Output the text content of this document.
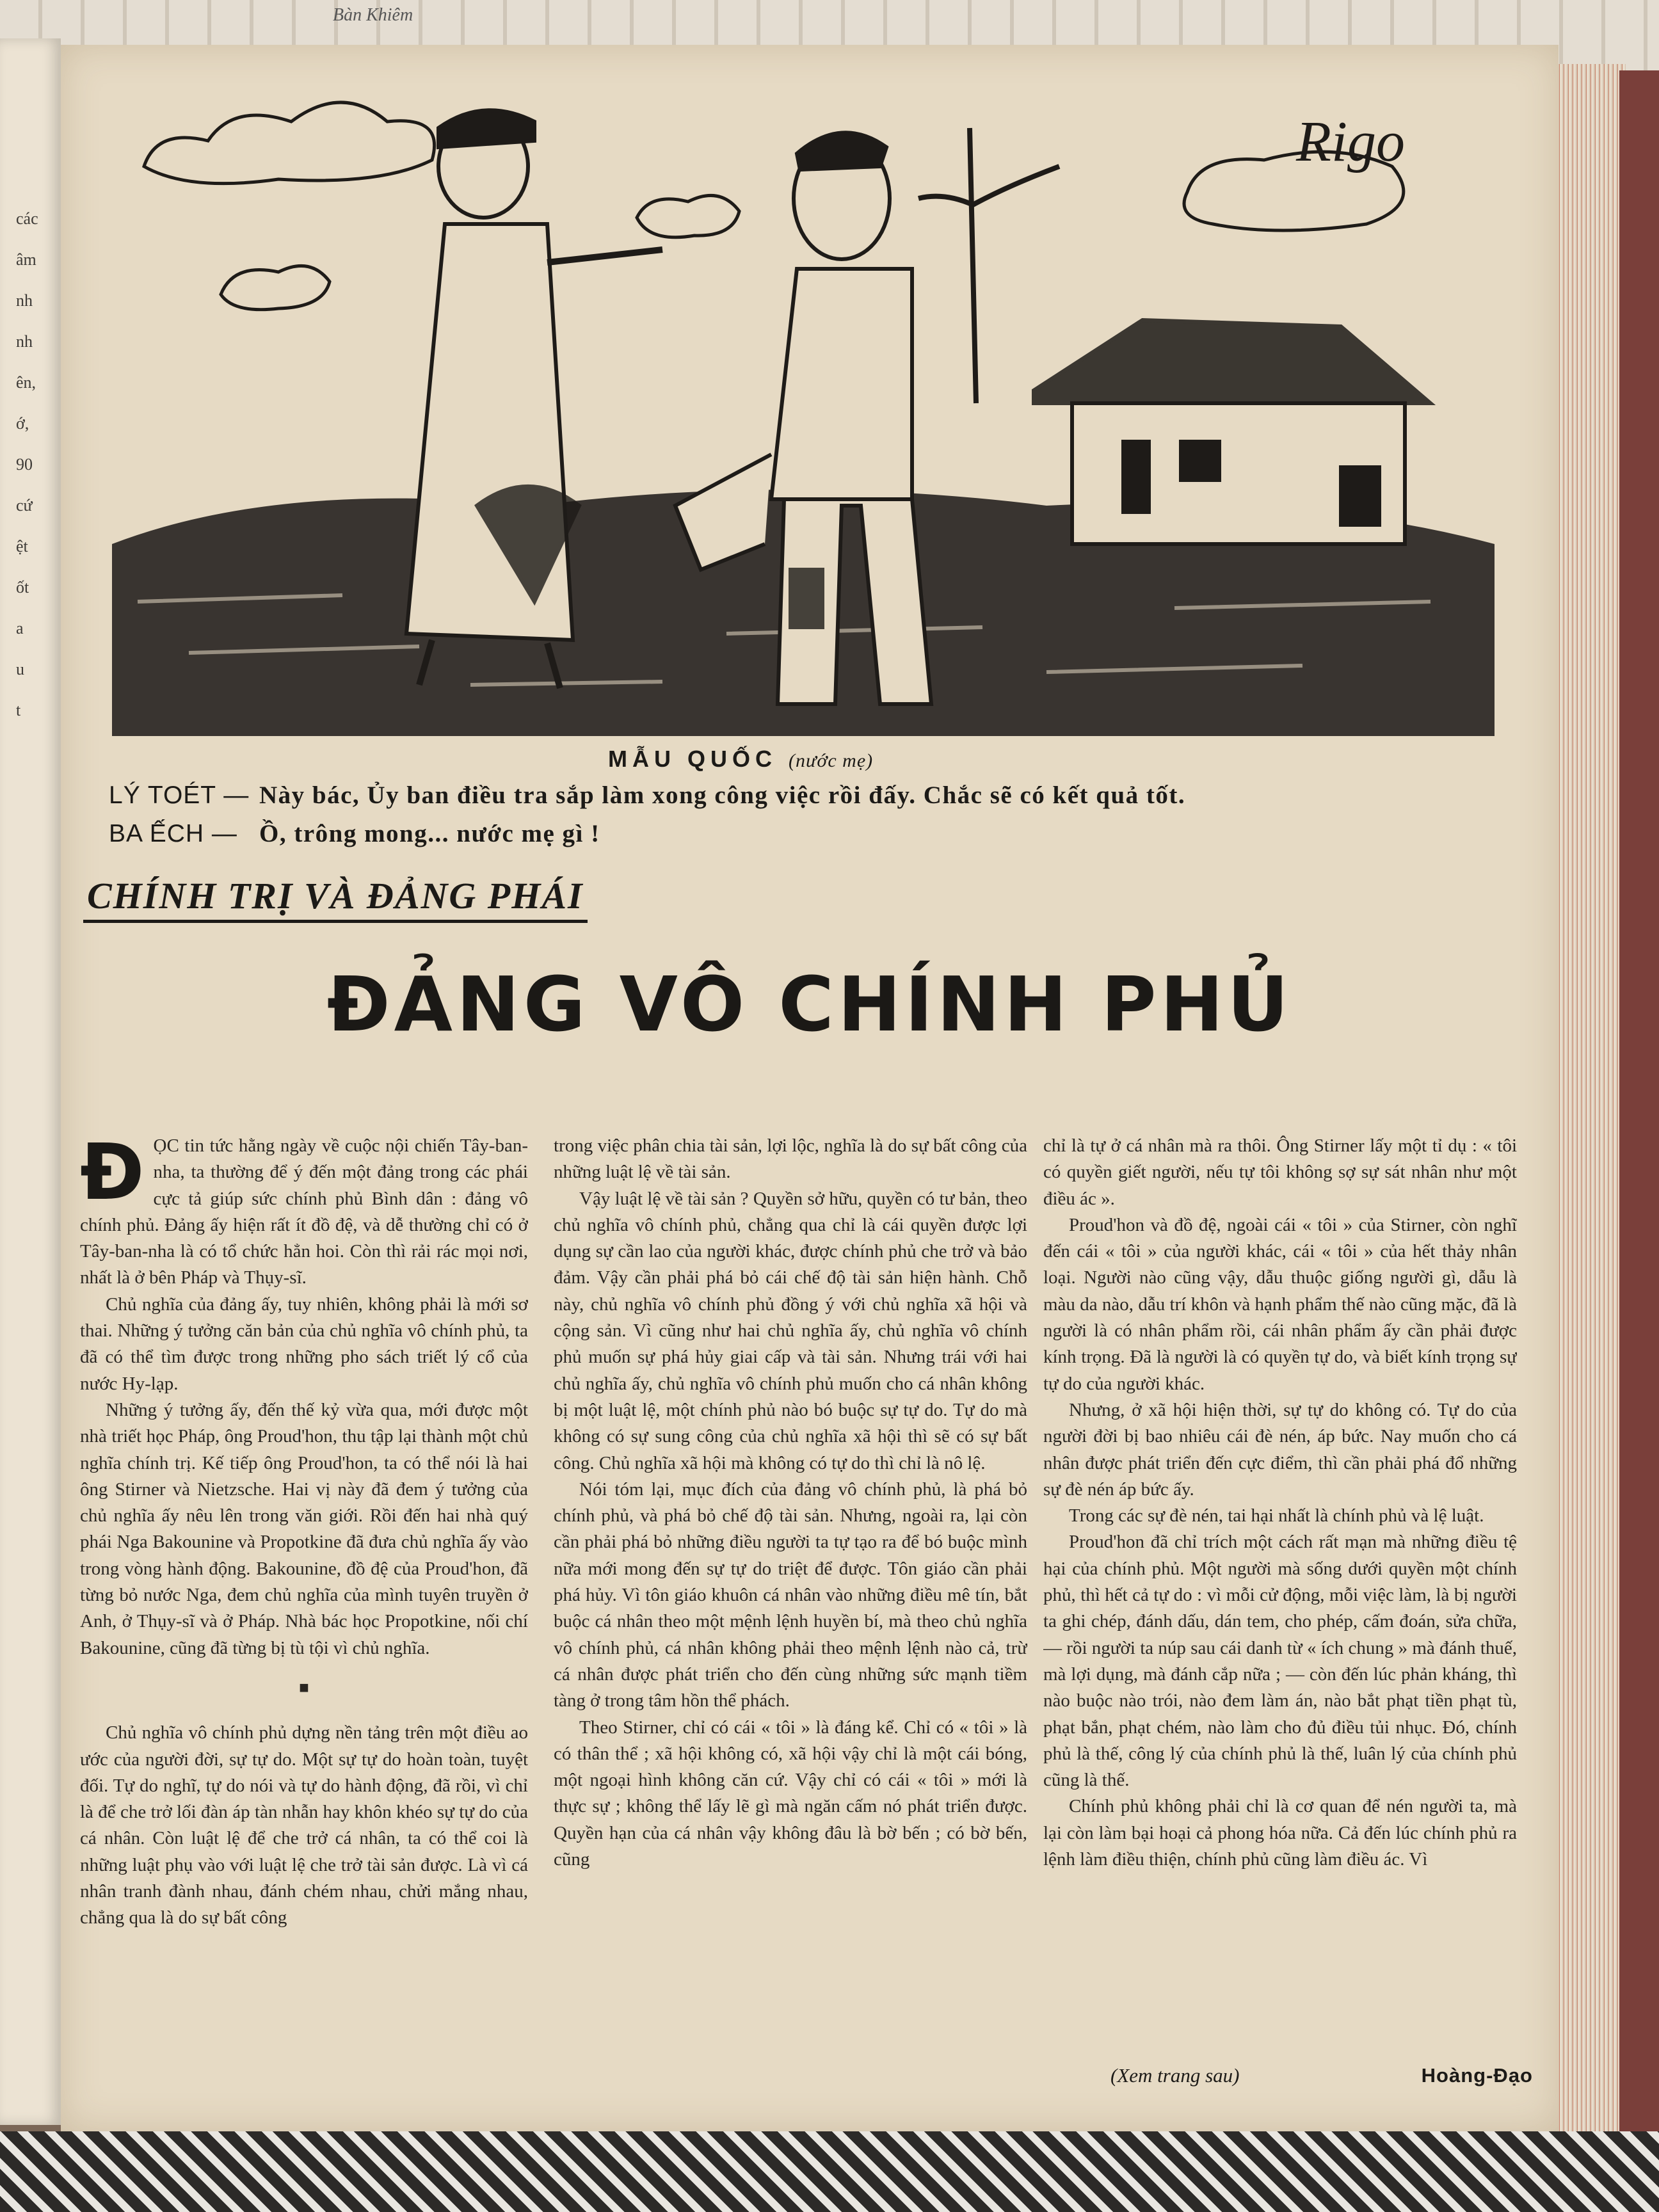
Bàn Khiêm
các
âm
nh
nh
ên,
ớ,
90
cứ
ệt
ốt
a
u
t
Rigo
MẪU QUỐC (nước mẹ)
LÝ TOÉT — Này bác, Ủy ban điều tra sắp làm xong công việc rồi đấy. Chắc sẽ có kết quả tốt.
BA ẾCH — Ồ, trông mong... nước mẹ gì !
CHÍNH TRỊ VÀ ĐẢNG PHÁI
ĐẢNG VÔ CHÍNH PHỦ
Đ ỌC tin tức hằng ngày về cuộc nội chiến Tây-ban-nha, ta thường để ý đến một đảng trong các phái cực tả giúp sức chính phủ Bình dân : đảng vô chính phủ. Đảng ấy hiện rất ít đồ đệ, và dễ thường chỉ có ở Tây-ban-nha là có tổ chức hẳn hoi. Còn thì rải rác mọi nơi, nhất là ở bên Pháp và Thụy-sĩ.

Chủ nghĩa của đảng ấy, tuy nhiên, không phải là mới sơ thai. Những ý tưởng căn bản của chủ nghĩa vô chính phủ, ta đã có thể tìm được trong những pho sách triết lý cổ của nước Hy-lạp.

Những ý tưởng ấy, đến thế kỷ vừa qua, mới được một nhà triết học Pháp, ông Proud'hon, thu tập lại thành một chủ nghĩa chính trị. Kế tiếp ông Proud'hon, ta có thể nói là hai ông Stirner và Nietzsche. Hai vị này đã đem ý tưởng của chủ nghĩa ấy nêu lên trong văn giới. Rồi đến hai nhà quý phái Nga Bakounine và Propotkine đã đưa chủ nghĩa ấy vào trong vòng hành động. Bakounine, đồ đệ của Proud'hon, đã từng bỏ nước Nga, đem chủ nghĩa của mình tuyên truyền ở Anh, ở Thụy-sĩ và ở Pháp. Nhà bác học Propotkine, nối chí Bakounine, cũng đã từng bị tù tội vì chủ nghĩa.

■

Chủ nghĩa vô chính phủ dựng nền tảng trên một điều ao ước của người đời, sự tự do. Một sự tự do hoàn toàn, tuyệt đối. Tự do nghĩ, tự do nói và tự do hành động, đã rồi, vì chỉ là để che trở lối đàn áp tàn nhẫn hay khôn khéo sự tự do của cá nhân. Còn luật lệ để che trở cá nhân, ta có thể coi là những luật phụ vào với luật lệ che trở tài sản được. Là vì cá nhân tranh đành nhau, đánh chém nhau, chửi mắng nhau, chẳng qua là do sự bất công

trong việc phân chia tài sản, lợi lộc, nghĩa là do sự bất công của những luật lệ về tài sản.

Vậy luật lệ về tài sản ? Quyền sở hữu, quyền có tư bản, theo chủ nghĩa vô chính phủ, chẳng qua chỉ là cái quyền được lợi dụng sự cần lao của người khác, được chính phủ che trở và bảo đảm. Vậy cần phải phá bỏ cái chế độ tài sản hiện hành. Chỗ này, chủ nghĩa vô chính phủ đồng ý với chủ nghĩa xã hội và cộng sản. Vì cũng như hai chủ nghĩa ấy, chủ nghĩa vô chính phủ muốn sự phá hủy giai cấp và tài sản. Nhưng trái với hai chủ nghĩa ấy, chủ nghĩa vô chính phủ muốn cho cá nhân không bị một luật lệ, một chính phủ nào bó buộc sự tự do. Tự do mà không có sự sung công của chủ nghĩa xã hội thì sẽ có sự bất công. Chủ nghĩa xã hội mà không có tự do thì chỉ là nô lệ.

Nói tóm lại, mục đích của đảng vô chính phủ, là phá bỏ chính phủ, và phá bỏ chế độ tài sản. Nhưng, ngoài ra, lại còn cần phải phá bỏ những điều người ta tự tạo ra để bó buộc mình nữa mới mong đến sự tự do triệt để được. Tôn giáo cần phải phá hủy. Vì tôn giáo khuôn cá nhân vào những điều mê tín, bắt buộc cá nhân theo một mệnh lệnh huyền bí, mà theo chủ nghĩa vô chính phủ, cá nhân không phải theo mệnh lệnh nào cả, trừ cá nhân được phát triển cho đến cùng những sức mạnh tiềm tàng ở trong tâm hồn thể phách.

Theo Stirner, chỉ có cái « tôi » là đáng kể. Chỉ có « tôi » là có thân thể ; xã hội không có, xã hội vậy chỉ là một cái bóng, một ngoại hình không căn cứ. Vậy chỉ có cái « tôi » mới là thực sự ; không thể lấy lẽ gì mà ngăn cấm nó phát triển được. Quyền hạn của cá nhân vậy không đâu là bờ bến ; có bờ bến, cũng

chỉ là tự ở cá nhân mà ra thôi. Ông Stirner lấy một tỉ dụ : « tôi có quyền giết người, nếu tự tôi không sợ sự sát nhân như một điều ác ».

Proud'hon và đồ đệ, ngoài cái « tôi » của Stirner, còn nghĩ đến cái « tôi » của người khác, cái « tôi » của hết thảy nhân loại. Người nào cũng vậy, dẫu thuộc giống người gì, dẫu là màu da nào, dẫu trí khôn và hạnh phẩm thế nào cũng mặc, đã là người là có nhân phẩm rồi, cái nhân phẩm ấy cần phải được kính trọng. Đã là người là có quyền tự do, và biết kính trọng sự tự do của người khác.

Nhưng, ở xã hội hiện thời, sự tự do không có. Tự do của người đời bị bao nhiêu cái đè nén, áp bức. Nay muốn cho cá nhân được phát triển đến cực điểm, thì cần phải phá đổ những sự đè nén áp bức ấy.

Trong các sự đè nén, tai hại nhất là chính phủ và lệ luật.

Proud'hon đã chỉ trích một cách rất mạn mà những điều tệ hại của chính phủ. Một người mà sống dưới quyền một chính phủ, thì hết cả tự do : vì mỗi cử động, mỗi việc làm, là bị người ta ghi chép, đánh dấu, dán tem, cho phép, cấm đoán, sửa chữa, — rồi người ta núp sau cái danh từ « ích chung » mà đánh thuế, mà lợi dụng, mà đánh cắp nữa ; — còn đến lúc phản kháng, thì nào buộc nào trói, nào đem làm án, nào bắt phạt tiền phạt tù, phạt bắn, phạt chém, nào làm cho đủ điều tủi nhục. Đó, chính phủ là thế, công lý của chính phủ là thế, luân lý của chính phủ cũng là thế.

Chính phủ không phải chỉ là cơ quan để nén người ta, mà lại còn làm bại hoại cả phong hóa nữa. Cả đến lúc chính phủ ra lệnh làm điều thiện, chính phủ cũng làm điều ác. Vì

(Xem trang sau)	Hoàng-Đạo
